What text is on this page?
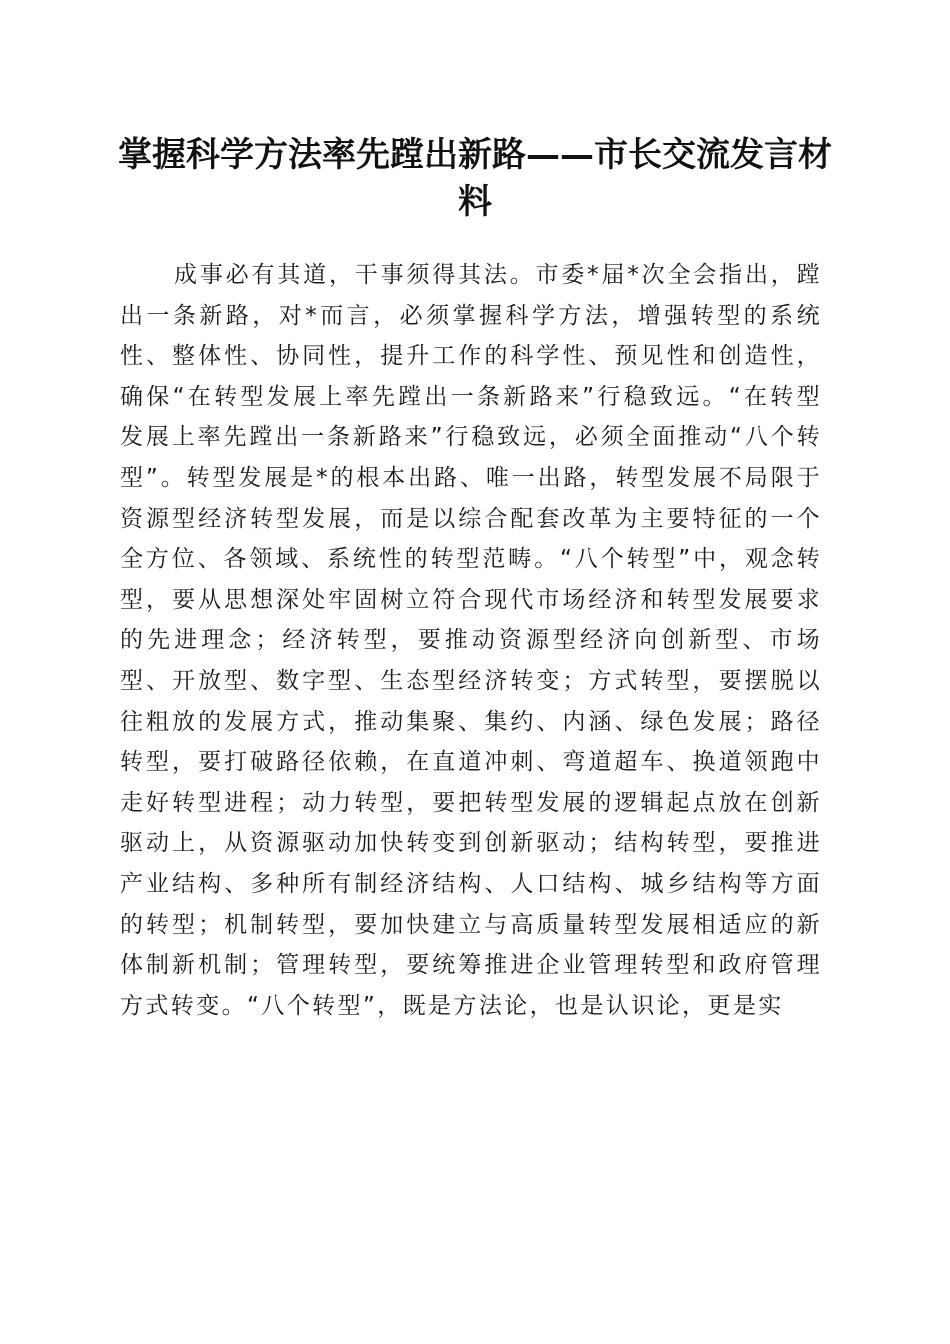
掌握科学方法率先蹚出新路——市长交流发言材料

成事必有其道，干事须得其法。市委*届*次全会指出，蹚出一条新路，对*而言，必须掌握科学方法，增强转型的系统性、整体性、协同性，提升工作的科学性、预见性和创造性，确保“在转型发展上率先蹚出一条新路来”行稳致远。“在转型发展上率先蹚出一条新路来”行稳致远，必须全面推动“八个转型”。转型发展是*的根本出路、唯一出路，转型发展不局限于资源型经济转型发展，而是以综合配套改革为主要特征的一个全方位、各领域、系统性的转型范畴。“八个转型”中，观念转型，要从思想深处牢固树立符合现代市场经济和转型发展要求的先进理念；经济转型，要推动资源型经济向创新型、市场型、开放型、数字型、生态型经济转变；方式转型，要摆脱以往粗放的发展方式，推动集聚、集约、内涵、绿色发展；路径转型，要打破路径依赖，在直道冲刺、弯道超车、换道领跑中走好转型进程；动力转型，要把转型发展的逻辑起点放在创新驱动上，从资源驱动加快转变到创新驱动；结构转型，要推进产业结构、多种所有制经济结构、人口结构、城乡结构等方面的转型；机制转型，要加快建立与高质量转型发展相适应的新体制新机制；管理转型，要统筹推进企业管理转型和政府管理方式转变。“八个转型”，既是方法论，也是认识论，更是实
